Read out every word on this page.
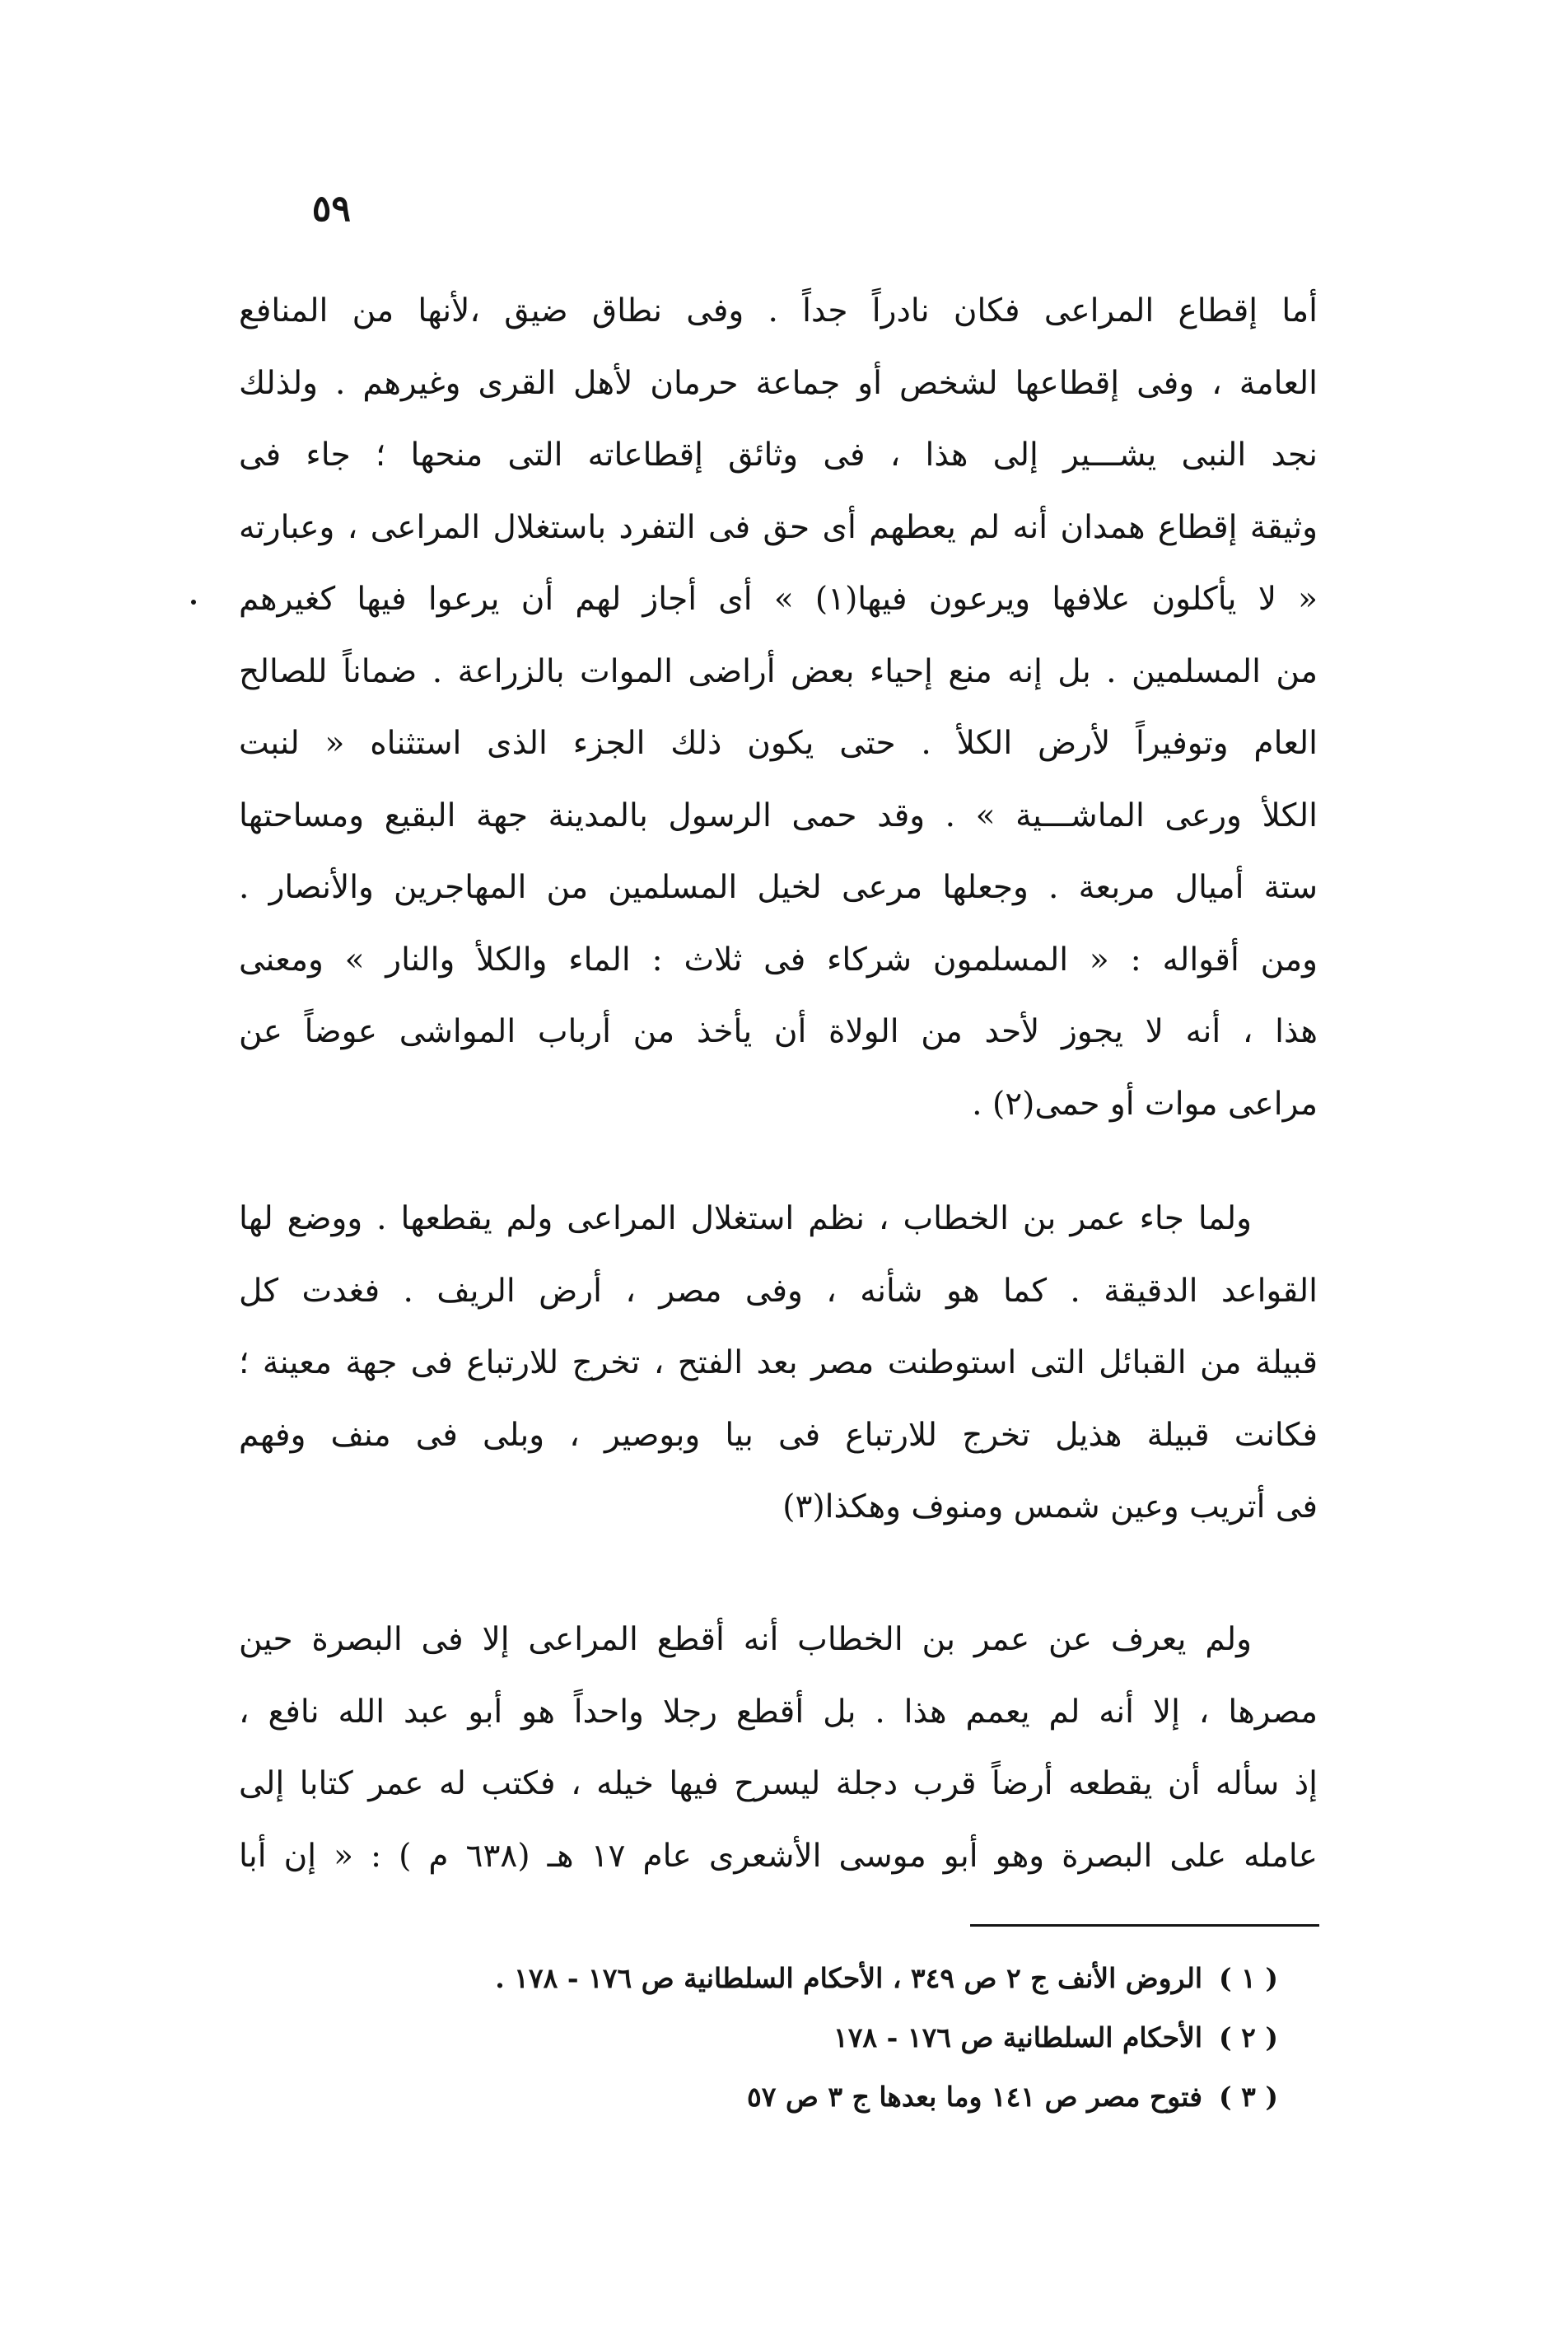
٥٩

أما إقطاع المراعى فكان نادراً جداً . وفى نطاق ضيق ،لأنها من المنافع
العامة ، وفى إقطاعها لشخص أو جماعة حرمان لأهل القرى وغيرهم . ولذلك
نجد النبى يشـــير إلى هذا ، فى وثائق إقطاعاته التى منحها ؛ جاء فى
وثيقة إقطاع همدان أنه لم يعطهم أى حق فى التفرد باستغلال المراعى ، وعبارته
« لا يأكلون علافها ويرعون فيها(١) » أى أجاز لهم أن يرعوا فيها كغيرهم
من المسلمين . بل إنه منع إحياء بعض أراضى الموات بالزراعة . ضماناً للصالح
العام وتوفيراً لأرض الكلأ . حتى يكون ذلك الجزء الذى استثناه « لنبت
الكلأ ورعى الماشـــية » . وقد حمى الرسول بالمدينة جهة البقيع ومساحتها
ستة أميال مربعة . وجعلها مرعى لخيل المسلمين من المهاجرين والأنصار .
ومن أقواله : « المسلمون شركاء فى ثلاث : الماء والكلأ والنار » ومعنى
هذا ، أنه لا يجوز لأحد من الولاة أن يأخذ من أرباب المواشى عوضاً عن
مراعى موات أو حمى(٢) .

ولما جاء عمر بن الخطاب ، نظم استغلال المراعى ولم يقطعها . ووضع لها
القواعد الدقيقة . كما هو شأنه ، وفى مصر ، أرض الريف . فغدت كل
قبيلة من القبائل التى استوطنت مصر بعد الفتح ، تخرج للارتباع فى جهة معينة ؛
فكانت قبيلة هذيل تخرج للارتباع فى بيا وبوصير ، وبلى فى منف وفهم
فى أتريب وعين شمس ومنوف وهكذا(٣)

ولم يعرف عن عمر بن الخطاب أنه أقطع المراعى إلا فى البصرة حين
مصرها ، إلا أنه لم يعمم هذا . بل أقطع رجلا واحداً هو أبو عبد الله نافع ،
إذ سأله أن يقطعه أرضاً قرب دجلة ليسرح فيها خيله ، فكتب له عمر كتابا إلى
عامله على البصرة وهو أبو موسى الأشعرى عام ١٧ هـ (٦٣٨ م ) : « إن أبا

( ١ )الروض الأنف ج ٢ ص ٣٤٩ ، الأحكام السلطانية ص ١٧٦ - ١٧٨ .
( ٢ )الأحكام السلطانية ص ١٧٦ - ١٧٨
( ٣ )فتوح مصر ص ١٤١ وما بعدها ج ٣ ص ٥٧
